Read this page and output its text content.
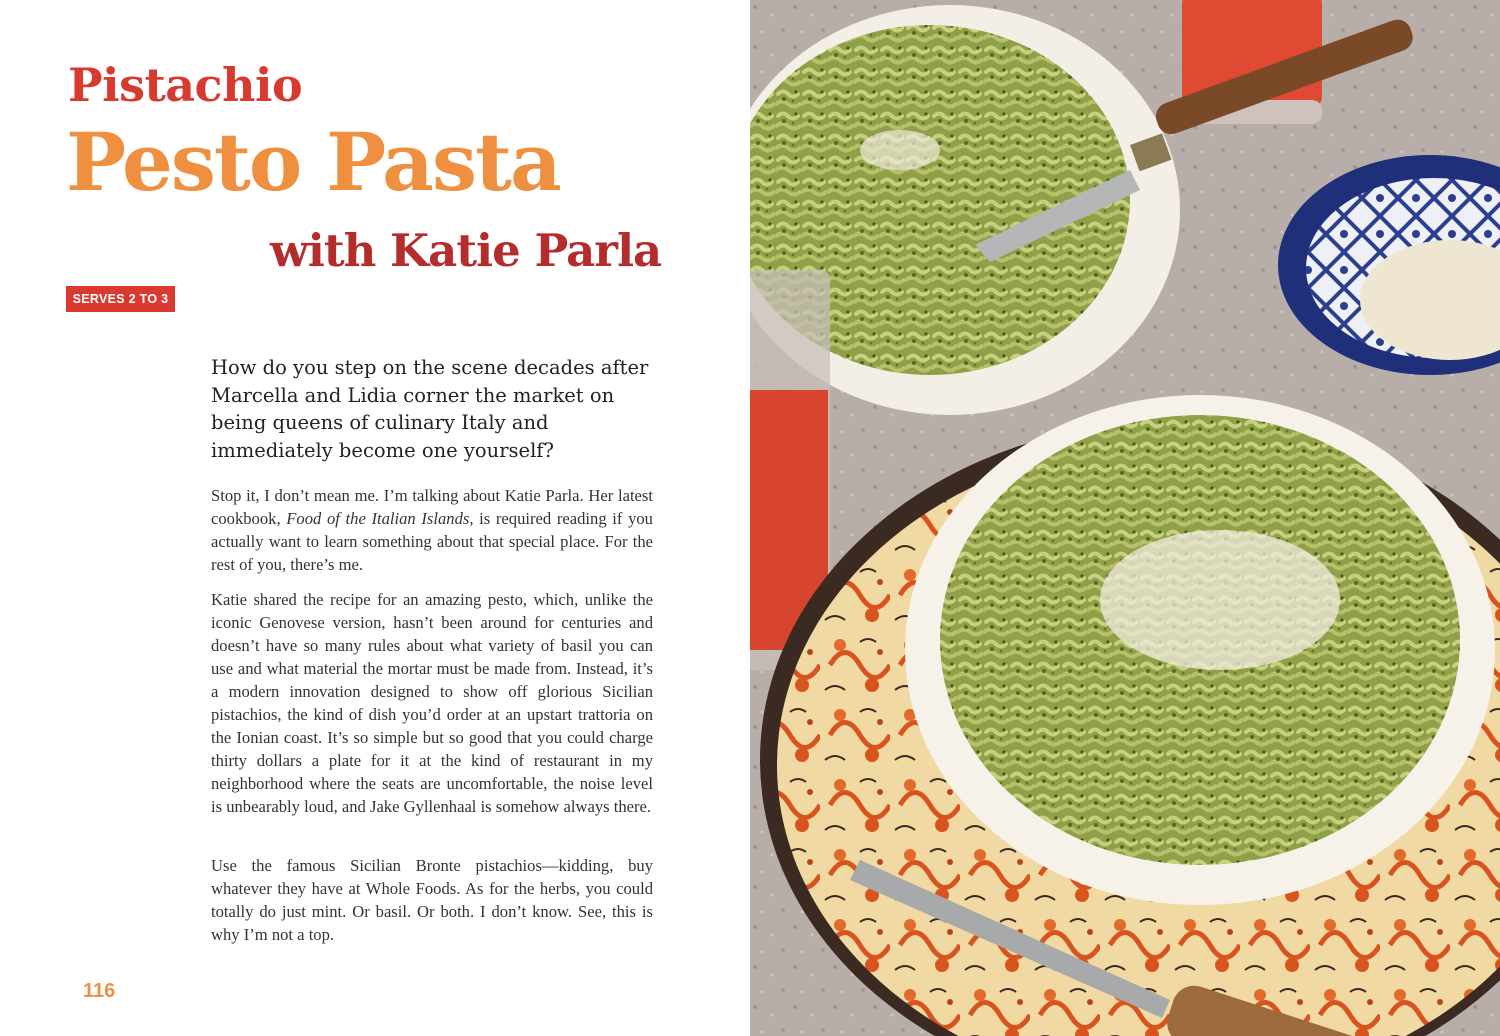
Pistachio
Pesto Pasta
with Katie Parla
SERVES 2 TO 3

How do you step on the scene decades after Marcella and Lidia corner the market on being queens of culinary Italy and immediately become one yourself?

Stop it, I don’t mean me. I’m talking about Katie Parla. Her latest cookbook, Food of the Italian Islands, is required reading if you actually want to learn something about that special place. For the rest of you, there’s me.

Katie shared the recipe for an amazing pesto, which, unlike the iconic Genovese version, hasn’t been around for centuries and doesn’t have so many rules about what variety of basil you can use and what material the mortar must be made from. Instead, it’s a modern innovation designed to show off glorious Sicilian pistachios, the kind of dish you’d order at an upstart trattoria on the Ionian coast. It’s so simple but so good that you could charge thirty dollars a plate for it at the kind of restaurant in my neighborhood where the seats are uncomfortable, the noise level is unbearably loud, and Jake Gyllenhaal is somehow always there.

Use the famous Sicilian Bronte pistachios—kidding, buy whatever they have at Whole Foods. As for the herbs, you could totally do just mint. Or basil. Or both. I don’t know. See, this is why I’m not a top.

116
